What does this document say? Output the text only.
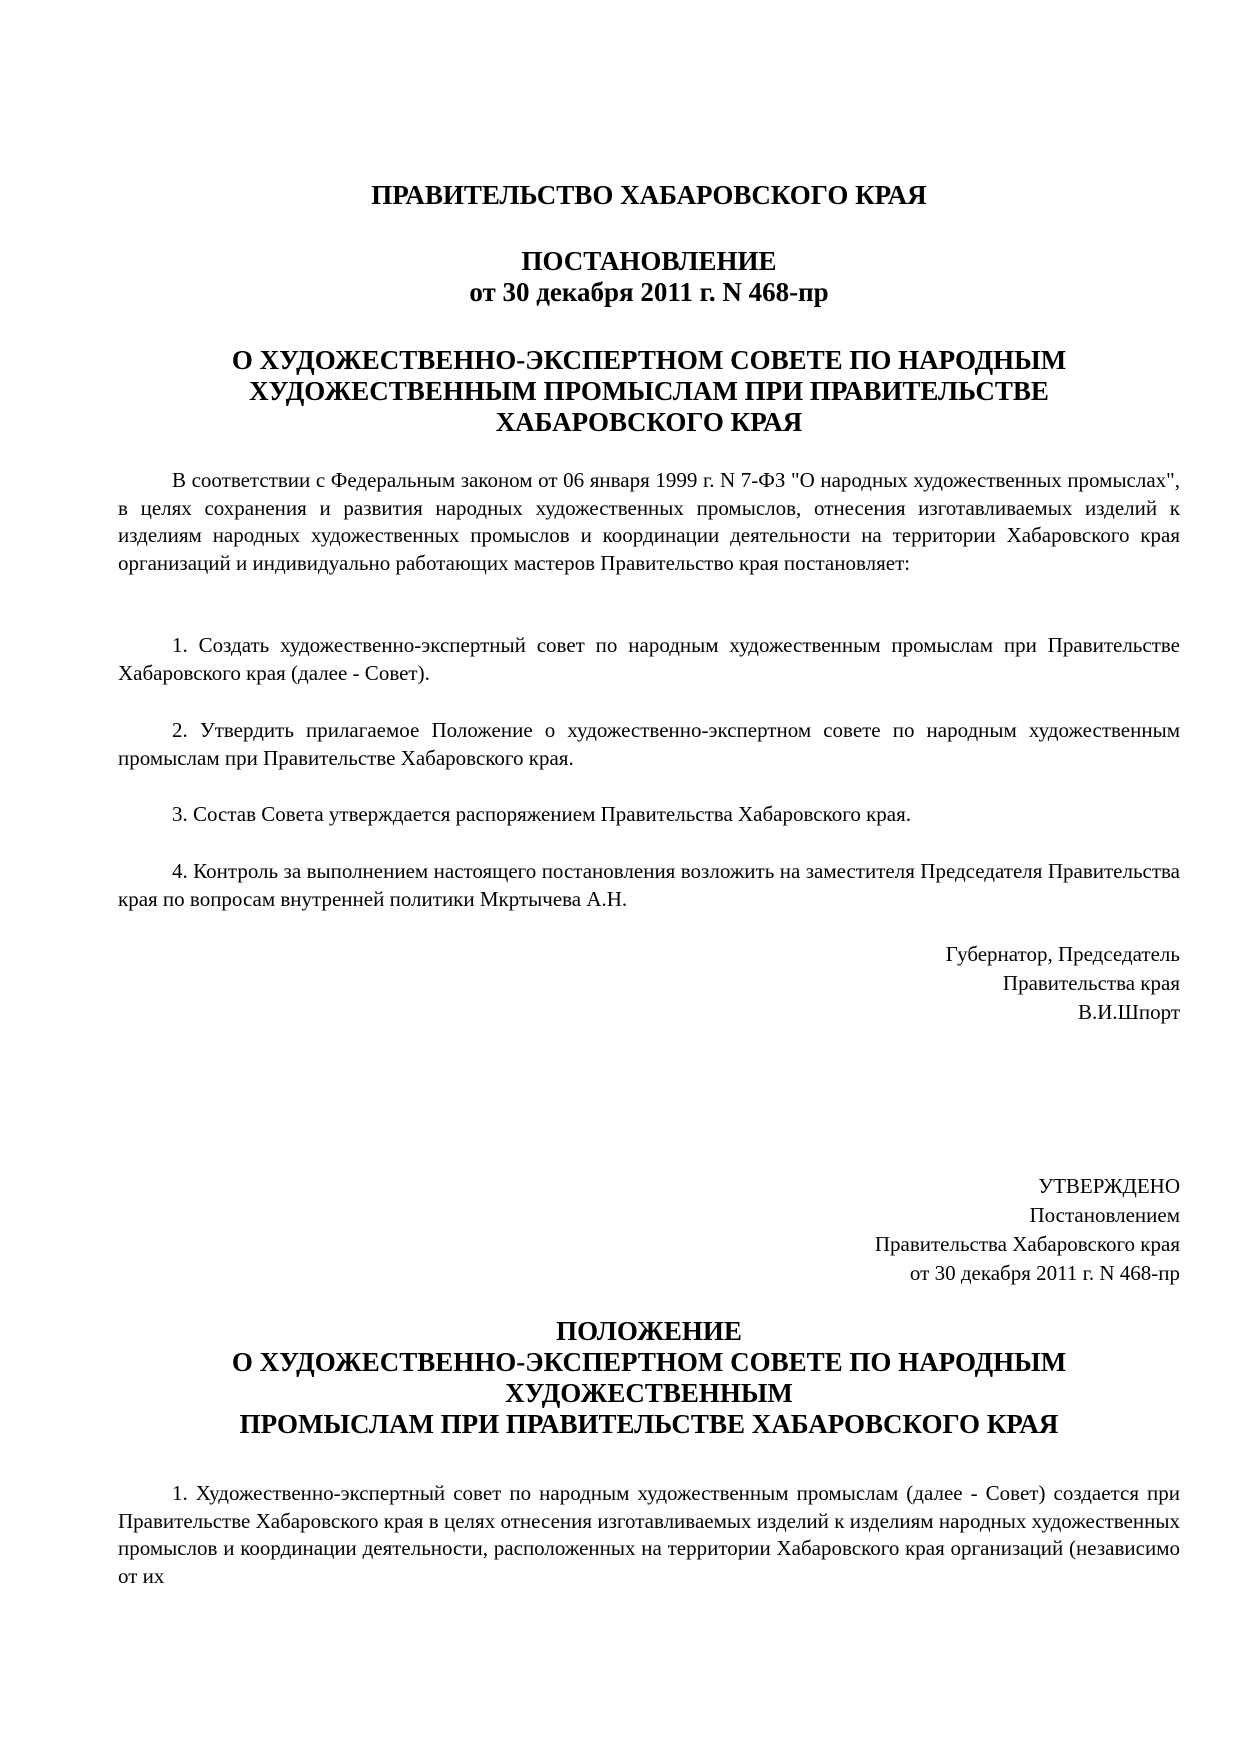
ПРАВИТЕЛЬСТВО ХАБАРОВСКОГО КРАЯ

ПОСТАНОВЛЕНИЕ

от 30 декабря 2011 г. N 468-пр

О ХУДОЖЕСТВЕННО-ЭКСПЕРТНОМ СОВЕТЕ ПО НАРОДНЫМ

ХУДОЖЕСТВЕННЫМ ПРОМЫСЛАМ ПРИ ПРАВИТЕЛЬСТВЕ

ХАБАРОВСКОГО КРАЯ

В соответствии с Федеральным законом от 06 января 1999 г. N 7-ФЗ "О народных художественных промыслах", в целях сохранения и развития народных художественных промыслов, отнесения изготавливаемых изделий к изделиям народных художественных промыслов и координации деятельности на территории Хабаровского края организаций и индивидуально работающих мастеров Правительство края постановляет:

1. Создать художественно-экспертный совет по народным художественным промыслам при Правительстве Хабаровского края (далее - Совет).

2. Утвердить прилагаемое Положение о художественно-экспертном совете по народным художественным промыслам при Правительстве Хабаровского края.

3. Состав Совета утверждается распоряжением Правительства Хабаровского края.

4. Контроль за выполнением настоящего постановления возложить на заместителя Председателя Правительства края по вопросам внутренней политики Мкртычева А.Н.

Губернатор, Председатель
Правительства края
В.И.Шпорт
УТВЕРЖДЕНО
Постановлением
Правительства Хабаровского края
от 30 декабря 2011 г. N 468-пр

ПОЛОЖЕНИЕ

О ХУДОЖЕСТВЕННО-ЭКСПЕРТНОМ СОВЕТЕ ПО НАРОДНЫМ

ХУДОЖЕСТВЕННЫМ

ПРОМЫСЛАМ ПРИ ПРАВИТЕЛЬСТВЕ ХАБАРОВСКОГО КРАЯ

1. Художественно-экспертный совет по народным художественным промыслам (далее - Совет) создается при Правительстве Хабаровского края в целях отнесения изготавливаемых изделий к изделиям народных художественных промыслов и координации деятельности, расположенных на территории Хабаровского края организаций (независимо от их
